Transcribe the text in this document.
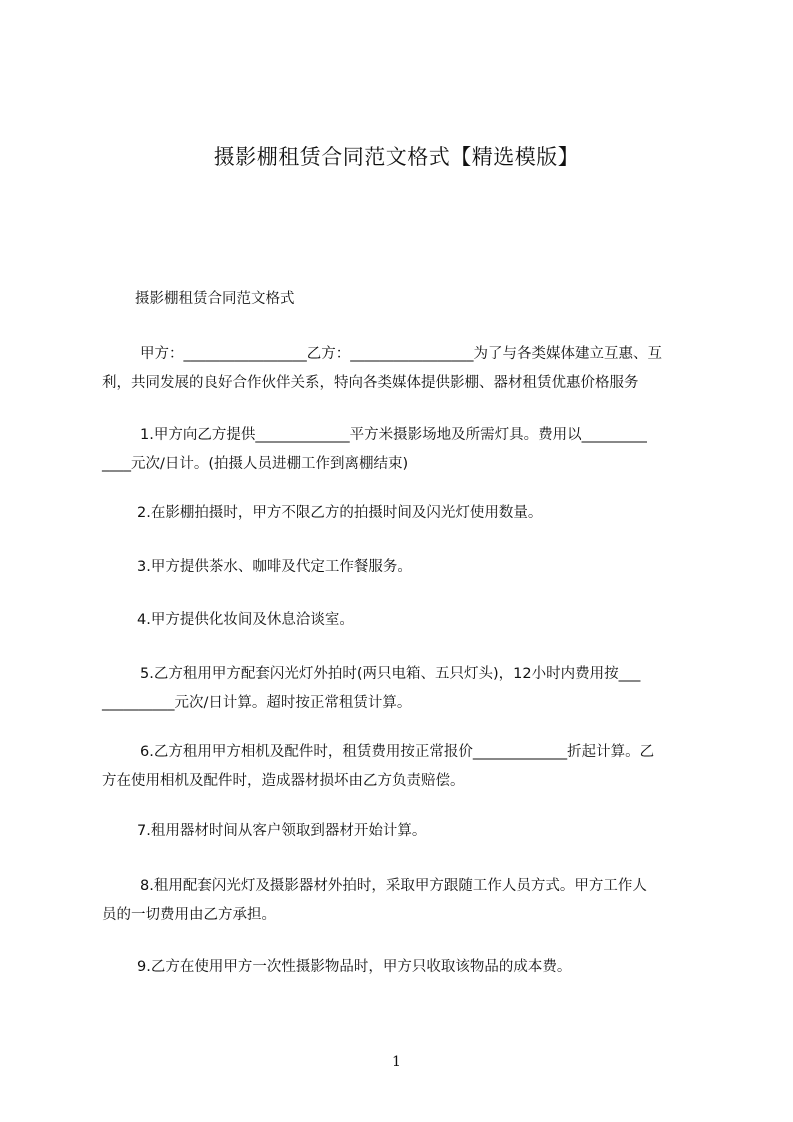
摄影棚租赁合同范文格式【精选模版】

摄影棚租赁合同范文格式

甲方：_________________乙方：_________________为了与各类媒体建立互惠、互
利，共同发展的良好合作伙伴关系，特向各类媒体提供影棚、器材租赁优惠价格服务

1.甲方向乙方提供_____________平方米摄影场地及所需灯具。费用以_________
____元次/日计。(拍摄人员进棚工作到离棚结束)

2.在影棚拍摄时，甲方不限乙方的拍摄时间及闪光灯使用数量。

3.甲方提供茶水、咖啡及代定工作餐服务。

4.甲方提供化妆间及休息洽谈室。

5.乙方租用甲方配套闪光灯外拍时(两只电箱、五只灯头)，12小时内费用按___
__________元次/日计算。超时按正常租赁计算。

6.乙方租用甲方相机及配件时，租赁费用按正常报价_____________折起计算。乙
方在使用相机及配件时，造成器材损坏由乙方负责赔偿。

7.租用器材时间从客户领取到器材开始计算。

8.租用配套闪光灯及摄影器材外拍时，采取甲方跟随工作人员方式。甲方工作人
员的一切费用由乙方承担。

9.乙方在使用甲方一次性摄影物品时，甲方只收取该物品的成本费。

1
